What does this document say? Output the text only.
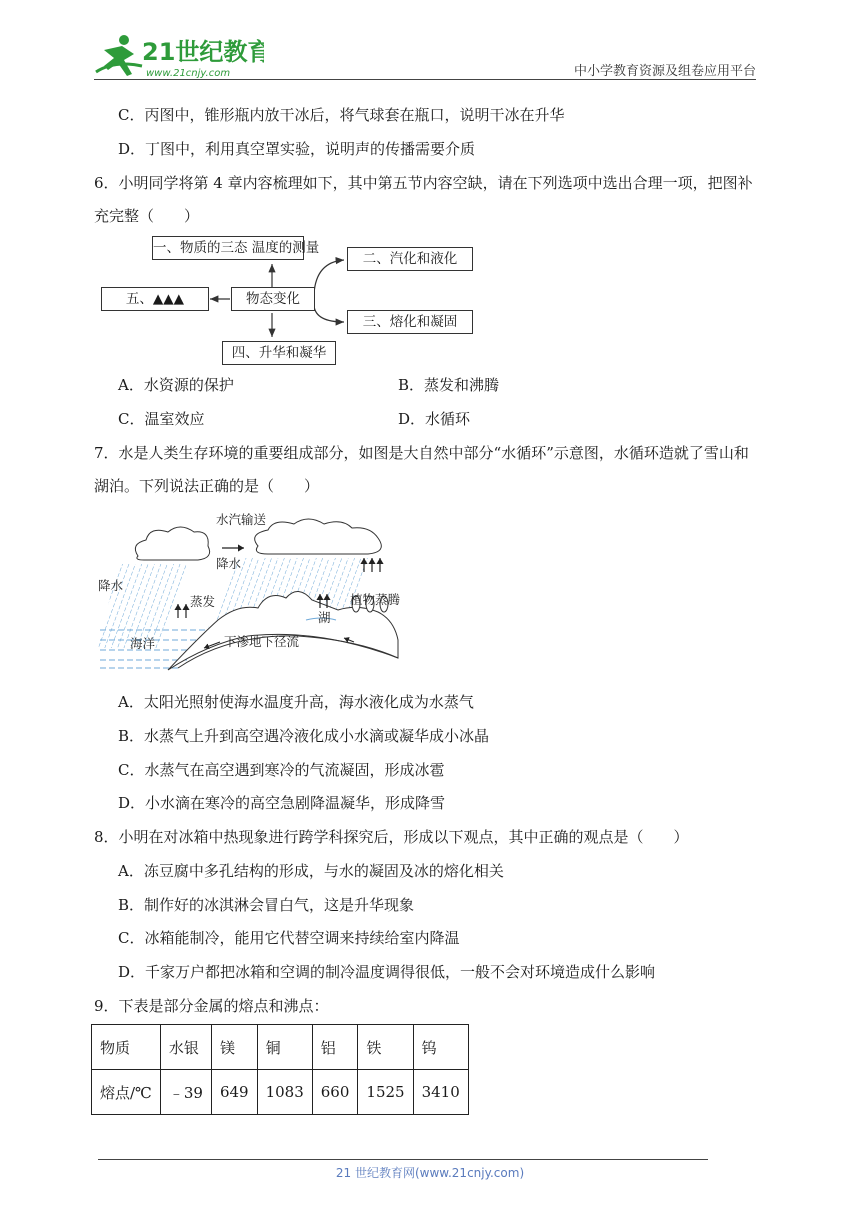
21世纪教育
www.21cnjy.com	中小学教育资源及组卷应用平台
C．丙图中，锥形瓶内放干冰后，将气球套在瓶口，说明干冰在升华
D．丁图中，利用真空罩实验，说明声的传播需要介质
6．小明同学将第 4 章内容梳理如下，其中第五节内容空缺，请在下列选项中选出合理一项，把图补
充完整（　　）
一、物质的三态 温度的测量
二、汽化和液化
三、熔化和凝固
四、升华和凝华
五、▲▲▲	物态变化
A．水资源的保护	B．蒸发和沸腾
C．温室效应	D．水循环
7．水是人类生存环境的重要组成部分，如图是大自然中部分“水循环”示意图，水循环造就了雪山和
湖泊。下列说法正确的是（　　）
水汽输送
降水
降水
蒸发
湖
植物蒸腾
海洋	下渗地下径流
A．太阳光照射使海水温度升高，海水液化成为水蒸气
B．水蒸气上升到高空遇冷液化成小水滴或凝华成小冰晶
C．水蒸气在高空遇到寒冷的气流凝固，形成冰雹
D．小水滴在寒冷的高空急剧降温凝华，形成降雪
8．小明在对冰箱中热现象进行跨学科探究后，形成以下观点，其中正确的观点是（　　）
A．冻豆腐中多孔结构的形成，与水的凝固及冰的熔化相关
B．制作好的冰淇淋会冒白气，这是升华现象
C．冰箱能制冷，能用它代替空调来持续给室内降温
D．千家万户都把冰箱和空调的制冷温度调得很低，一般不会对环境造成什么影响
9．下表是部分金属的熔点和沸点：
物质	水银	镁	铜	铝	铁	钨
熔点/℃	﹣39	649	1083	660	1525	3410
21 世纪教育网(www.21cnjy.com)
